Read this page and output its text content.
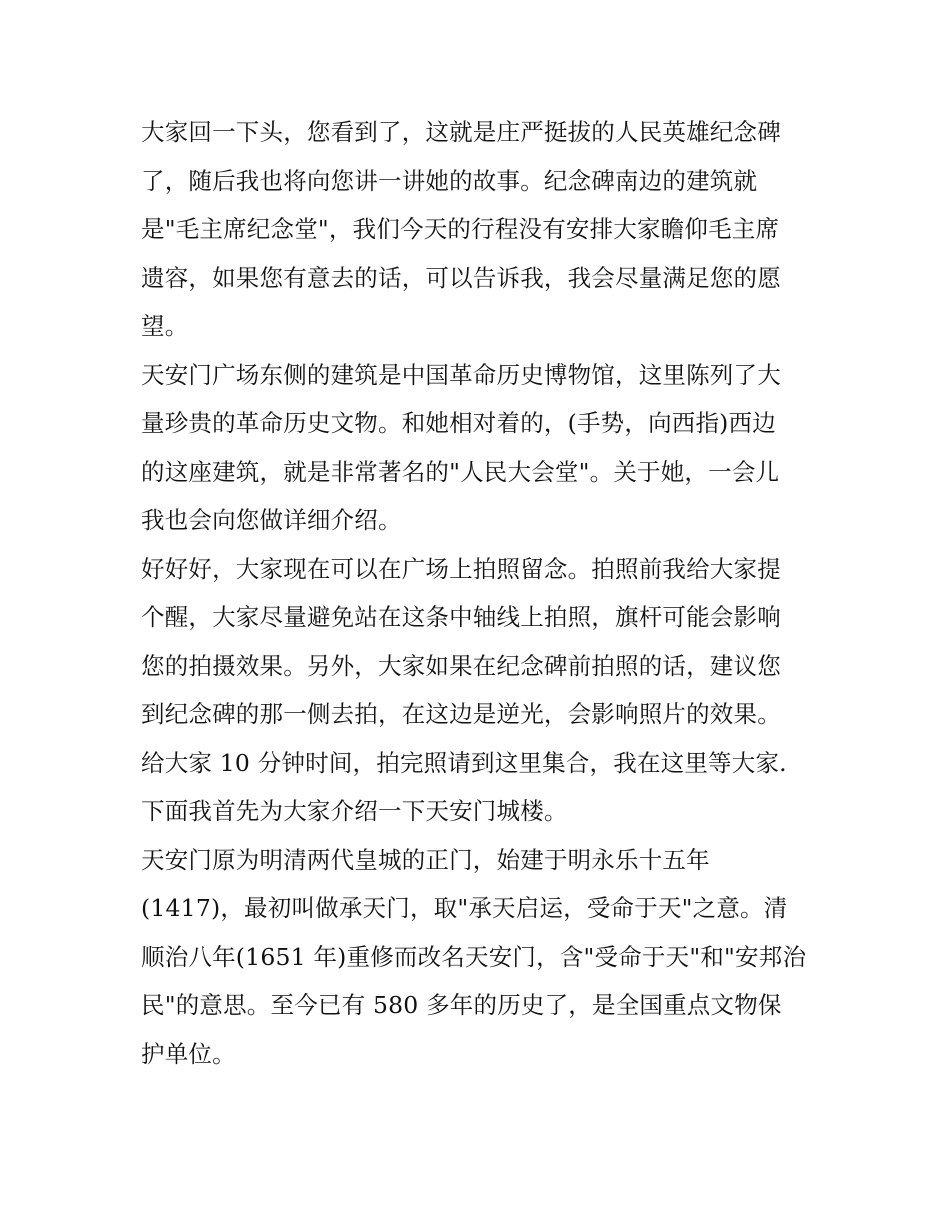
大家回一下头，您看到了，这就是庄严挺拔的人民英雄纪念碑
了，随后我也将向您讲一讲她的故事。纪念碑南边的建筑就
是"毛主席纪念堂"，我们今天的行程没有安排大家瞻仰毛主席
遗容，如果您有意去的话，可以告诉我，我会尽量满足您的愿
望。
天安门广场东侧的建筑是中国革命历史博物馆，这里陈列了大
量珍贵的革命历史文物。和她相对着的，(手势，向西指)西边
的这座建筑，就是非常著名的"人民大会堂"。关于她，一会儿
我也会向您做详细介绍。
好好好，大家现在可以在广场上拍照留念。拍照前我给大家提
个醒，大家尽量避免站在这条中轴线上拍照，旗杆可能会影响
您的拍摄效果。另外，大家如果在纪念碑前拍照的话，建议您
到纪念碑的那一侧去拍，在这边是逆光，会影响照片的效果。
给大家 10 分钟时间，拍完照请到这里集合，我在这里等大家.
下面我首先为大家介绍一下天安门城楼。
天安门原为明清两代皇城的正门，始建于明永乐十五年
(1417)，最初叫做承天门，取"承天启运，受命于天"之意。清
顺治八年(1651 年)重修而改名天安门，含"受命于天"和"安邦治
民"的意思。至今已有 580 多年的历史了，是全国重点文物保
护单位。
